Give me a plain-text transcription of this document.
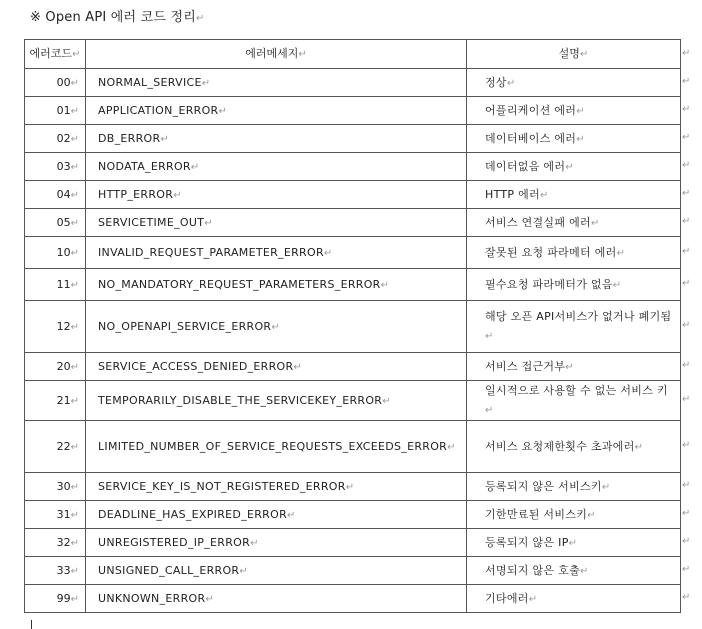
※ Open API 에러 코드 정리↵
에러코드↵	에러메세지↵	설명↵
00↵	NORMAL_SERVICE↵	정상↵
01↵	APPLICATION_ERROR↵	어플리케이션 에러↵
02↵	DB_ERROR↵	데이터베이스 에러↵
03↵	NODATA_ERROR↵	데이터없음 에러↵
04↵	HTTP_ERROR↵	HTTP 에러↵
05↵	SERVICETIME_OUT↵	서비스 연결실패 에러↵
10↵	INVALID_REQUEST_PARAMETER_ERROR↵	잘못된 요청 파라메터 에러↵
11↵	NO_MANDATORY_REQUEST_PARAMETERS_ERROR↵	필수요청 파라메터가 없음↵
12↵	NO_OPENAPI_SERVICE_ERROR↵	해당 오픈 API서비스가 없거나 폐기됨↵
20↵	SERVICE_ACCESS_DENIED_ERROR↵	서비스 접근거부↵
21↵	TEMPORARILY_DISABLE_THE_SERVICEKEY_ERROR↵	일시적으로 사용할 수 없는 서비스 키↵
22↵	LIMITED_NUMBER_OF_SERVICE_REQUESTS_EXCEEDS_ERROR↵	서비스 요청제한횟수 초과에러↵
30↵	SERVICE_KEY_IS_NOT_REGISTERED_ERROR↵	등록되지 않은 서비스키↵
31↵	DEADLINE_HAS_EXPIRED_ERROR↵	기한만료된 서비스키↵
32↵	UNREGISTERED_IP_ERROR↵	등록되지 않은 IP↵
33↵	UNSIGNED_CALL_ERROR↵	서명되지 않은 호출↵
99↵	UNKNOWN_ERROR↵	기타에러↵
↵
↵
↵
↵
↵
↵
↵
↵
↵
↵
↵
↵
↵
↵
↵
↵
↵
↵
